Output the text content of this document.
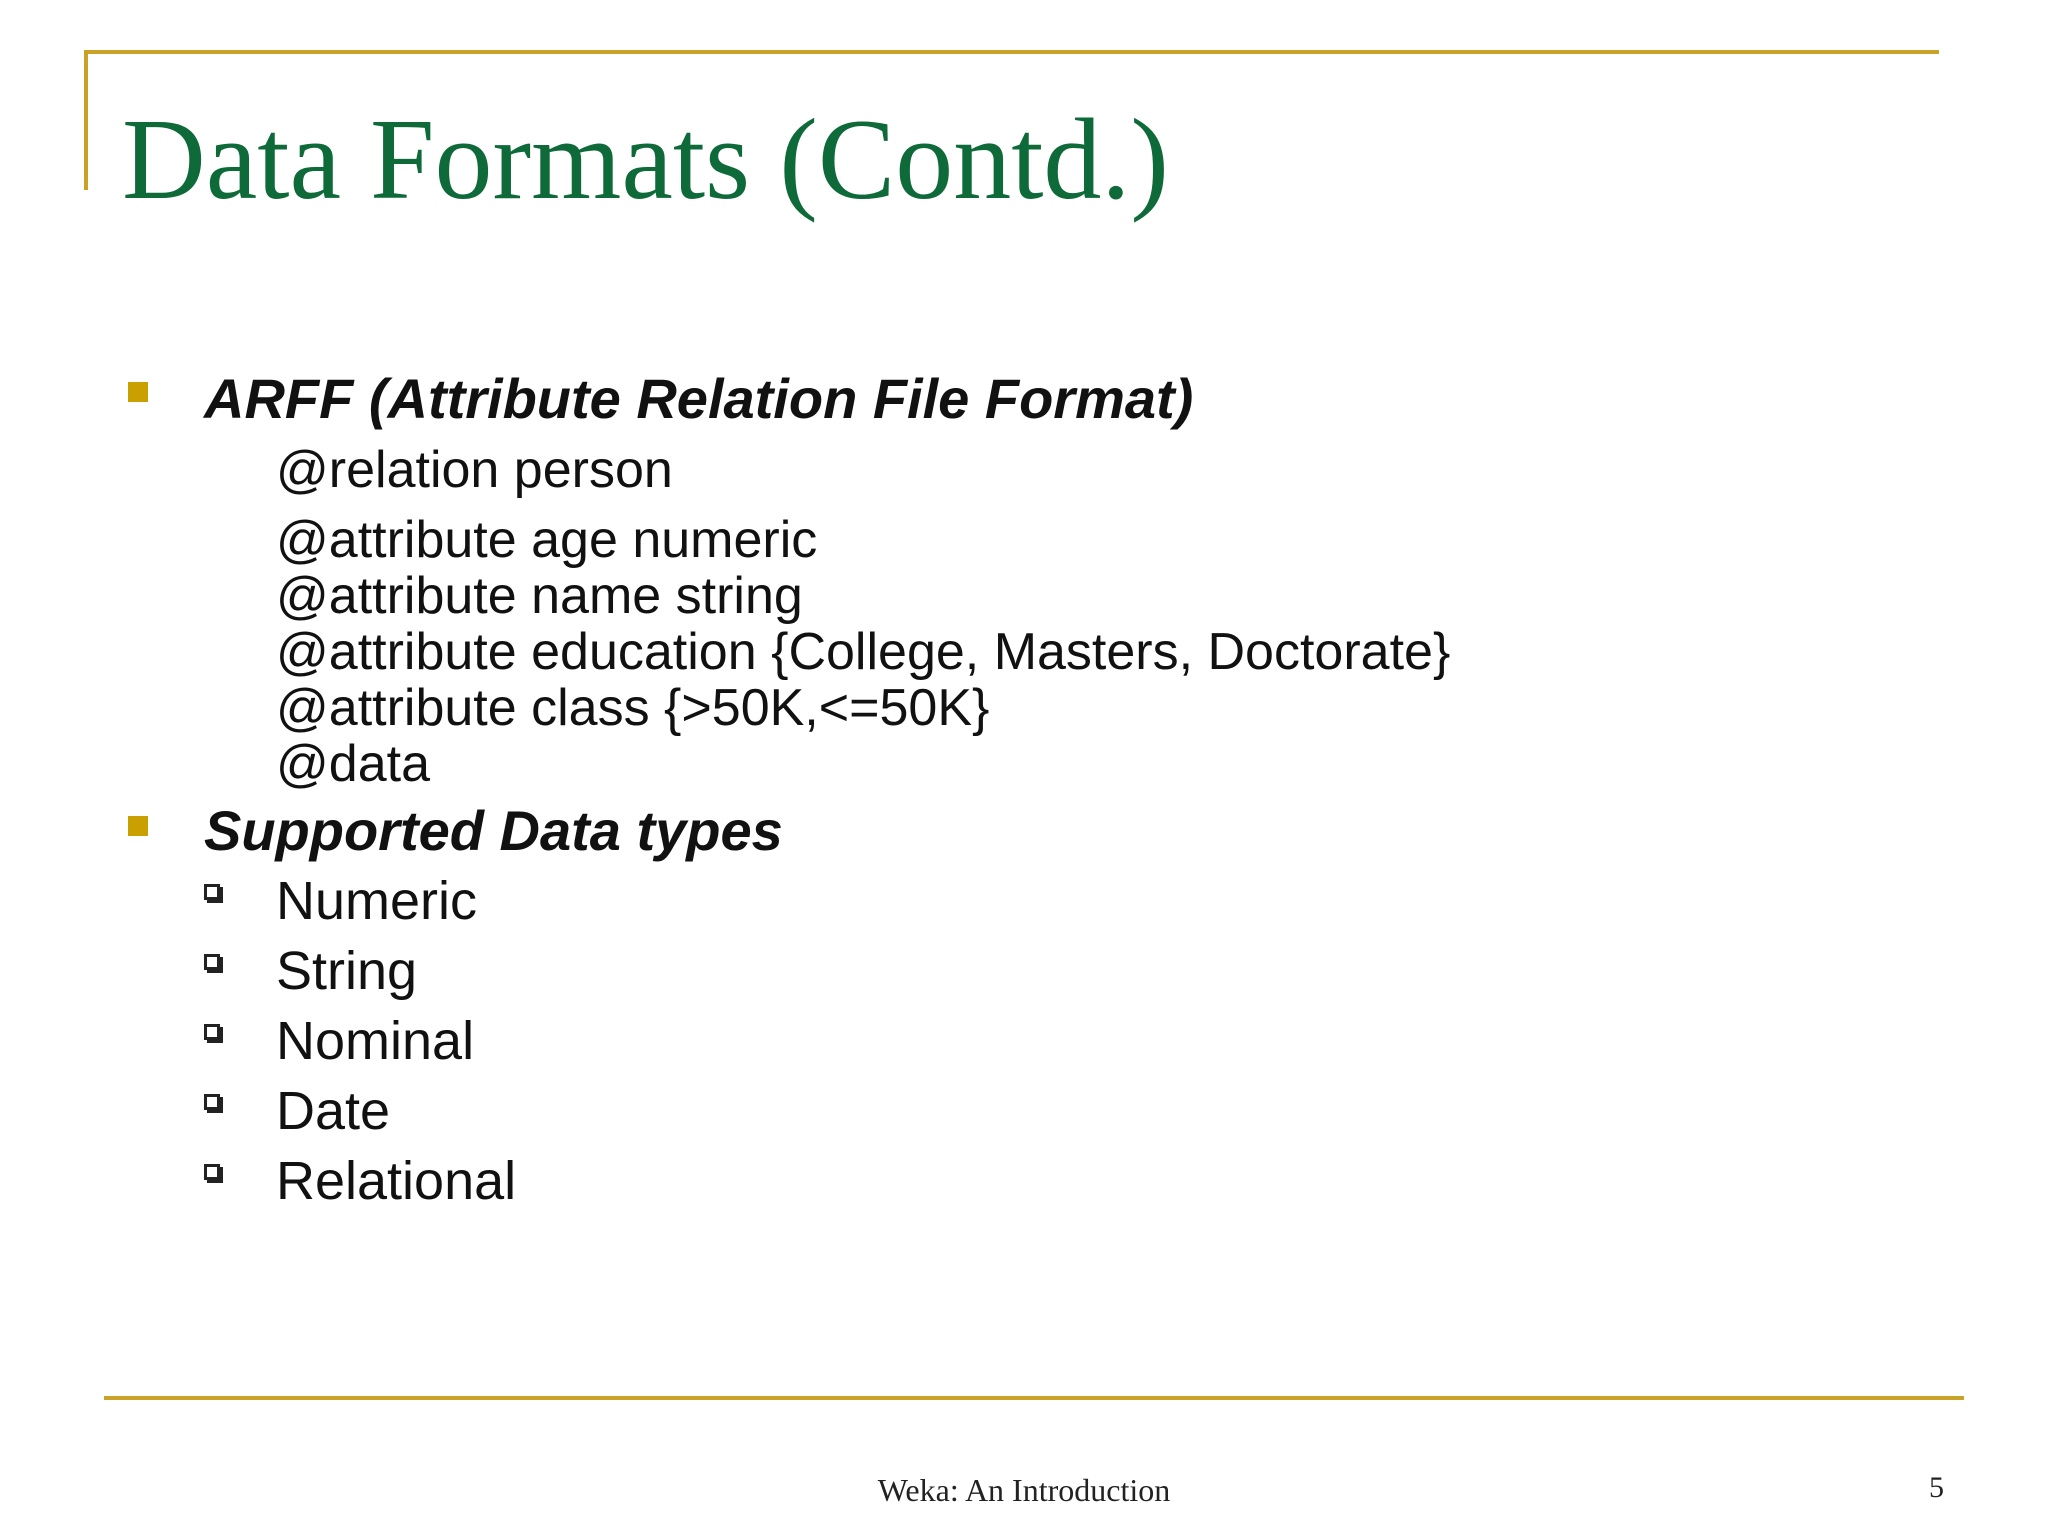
Data Formats (Contd.)
ARFF (Attribute Relation File Format)
@relation person
@attribute age numeric
@attribute name string
@attribute education {College, Masters, Doctorate}
@attribute class {>50K,<=50K}
@data
Supported Data types
Numeric
String
Nominal
Date
Relational
Weka: An Introduction	5
